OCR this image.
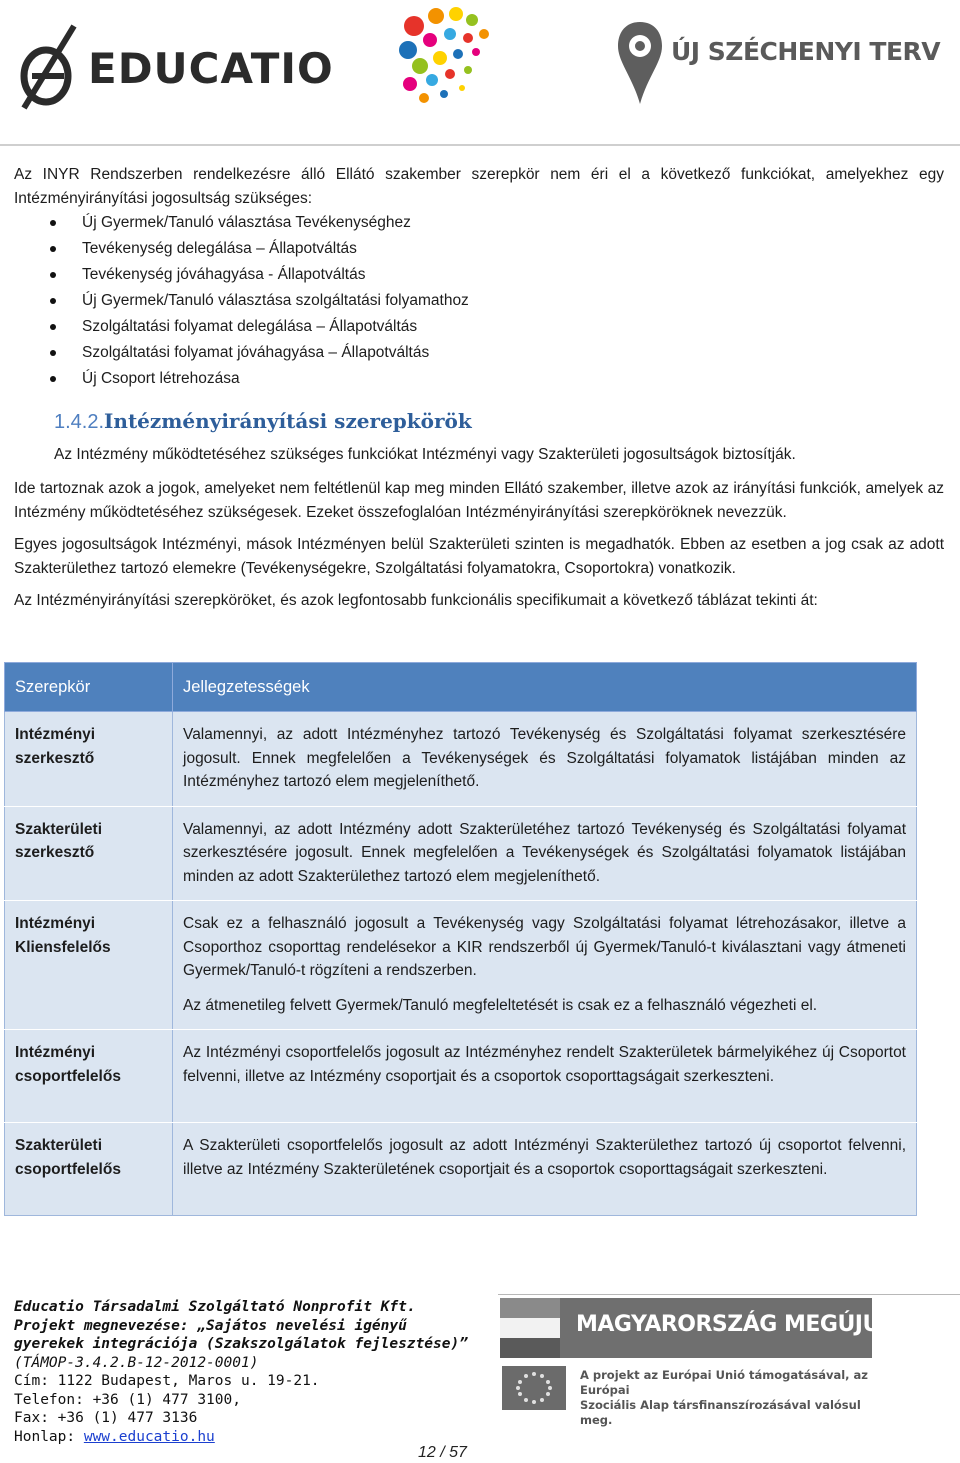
EDUCATIO	ÚJ SZÉCHENYI TERV

Az INYR Rendszerben rendelkezésre álló Ellátó szakember szerepkör nem éri el a következő funkciókat, amelyekhez egy Intézményirányítási jogosultság szükséges:

Új Gyermek/Tanuló választása Tevékenységhez
Tevékenység delegálása – Állapotváltás
Tevékenység jóváhagyása - Állapotváltás
Új Gyermek/Tanuló választása szolgáltatási folyamathoz
Szolgáltatási folyamat delegálása – Állapotváltás
Szolgáltatási folyamat jóváhagyása – Állapotváltás
Új Csoport létrehozása
1.4.2.Intézményirányítási szerepkörök
Az Intézmény működtetéséhez szükséges funkciókat Intézményi vagy Szakterületi jogosultságok biztosítják.

Ide tartoznak azok a jogok, amelyeket nem feltétlenül kap meg minden Ellátó szakember, illetve azok az irányítási funkciók, amelyek az Intézmény működtetéséhez szükségesek. Ezeket összefoglalóan Intézményirányítási szerepköröknek nevezzük.

Egyes jogosultságok Intézményi, mások Intézményen belül Szakterületi szinten is megadhatók. Ebben az esetben a jog csak az adott Szakterülethez tartozó elemekre (Tevékenységekre, Szolgáltatási folyamatokra, Csoportokra) vonatkozik.

Az Intézményirányítási szerepköröket, és azok legfontosabb funkcionális specifikumait a következő táblázat tekinti át:

Szerepkör	Jellegzetességek
Intézményi szerkesztő	Valamennyi, az adott Intézményhez tartozó Tevékenység és Szolgáltatási folyamat szerkesztésére jogosult. Ennek megfelelően a Tevékenységek és Szolgáltatási folyamatok listájában minden az Intézményhez tartozó elem megjeleníthető.
Szakterületi szerkesztő	Valamennyi, az adott Intézmény adott Szakterületéhez tartozó Tevékenység és Szolgáltatási folyamat szerkesztésére jogosult. Ennek megfelelően a Tevékenységek és Szolgáltatási folyamatok listájában minden az adott Szakterülethez tartozó elem megjeleníthető.
Intézményi Kliensfelelős	Csak ez a felhasználó jogosult a Tevékenység vagy Szolgáltatási folyamat létrehozásakor, illetve a Csoporthoz csoporttag rendelésekor a KIR rendszerből új Gyermek/Tanuló-t kiválasztani vagy átmeneti Gyermek/Tanuló-t rögzíteni a rendszerben.
Az átmenetileg felvett Gyermek/Tanuló megfeleltetését is csak ez a felhasználó végezheti el.

Intézményi csoportfelelős	Az Intézményi csoportfelelős jogosult az Intézményhez rendelt Szakterületek bármelyikéhez új Csoportot felvenni, illetve az Intézmény csoportjait és a csoportok csoporttagságait szerkeszteni.
Szakterületi csoportfelelős	A Szakterületi csoportfelelős jogosult az adott Intézményi Szakterülethez tartozó új csoportot felvenni, illetve az Intézmény Szakterületének csoportjait és a csoportok csoporttagságait szerkeszteni.
Educatio Társadalmi Szolgáltató Nonprofit Kft.
Projekt megnevezése: „Sajátos nevelési igényű
gyerekek integrációja (Szakszolgálatok fejlesztése)”
(TÁMOP-3.4.2.B-12-2012-0001)
Cím: 1122 Budapest, Maros u. 19-21.
Telefon: +36 (1) 477 3100,
Fax: +36 (1) 477 3136
Honlap: www.educatio.hu
12 / 57
MAGYARORSZÁG MEGÚJUL
A projekt az Európai Unió támogatásával, az Európai
Szociális Alap társfinanszírozásával valósul meg.
